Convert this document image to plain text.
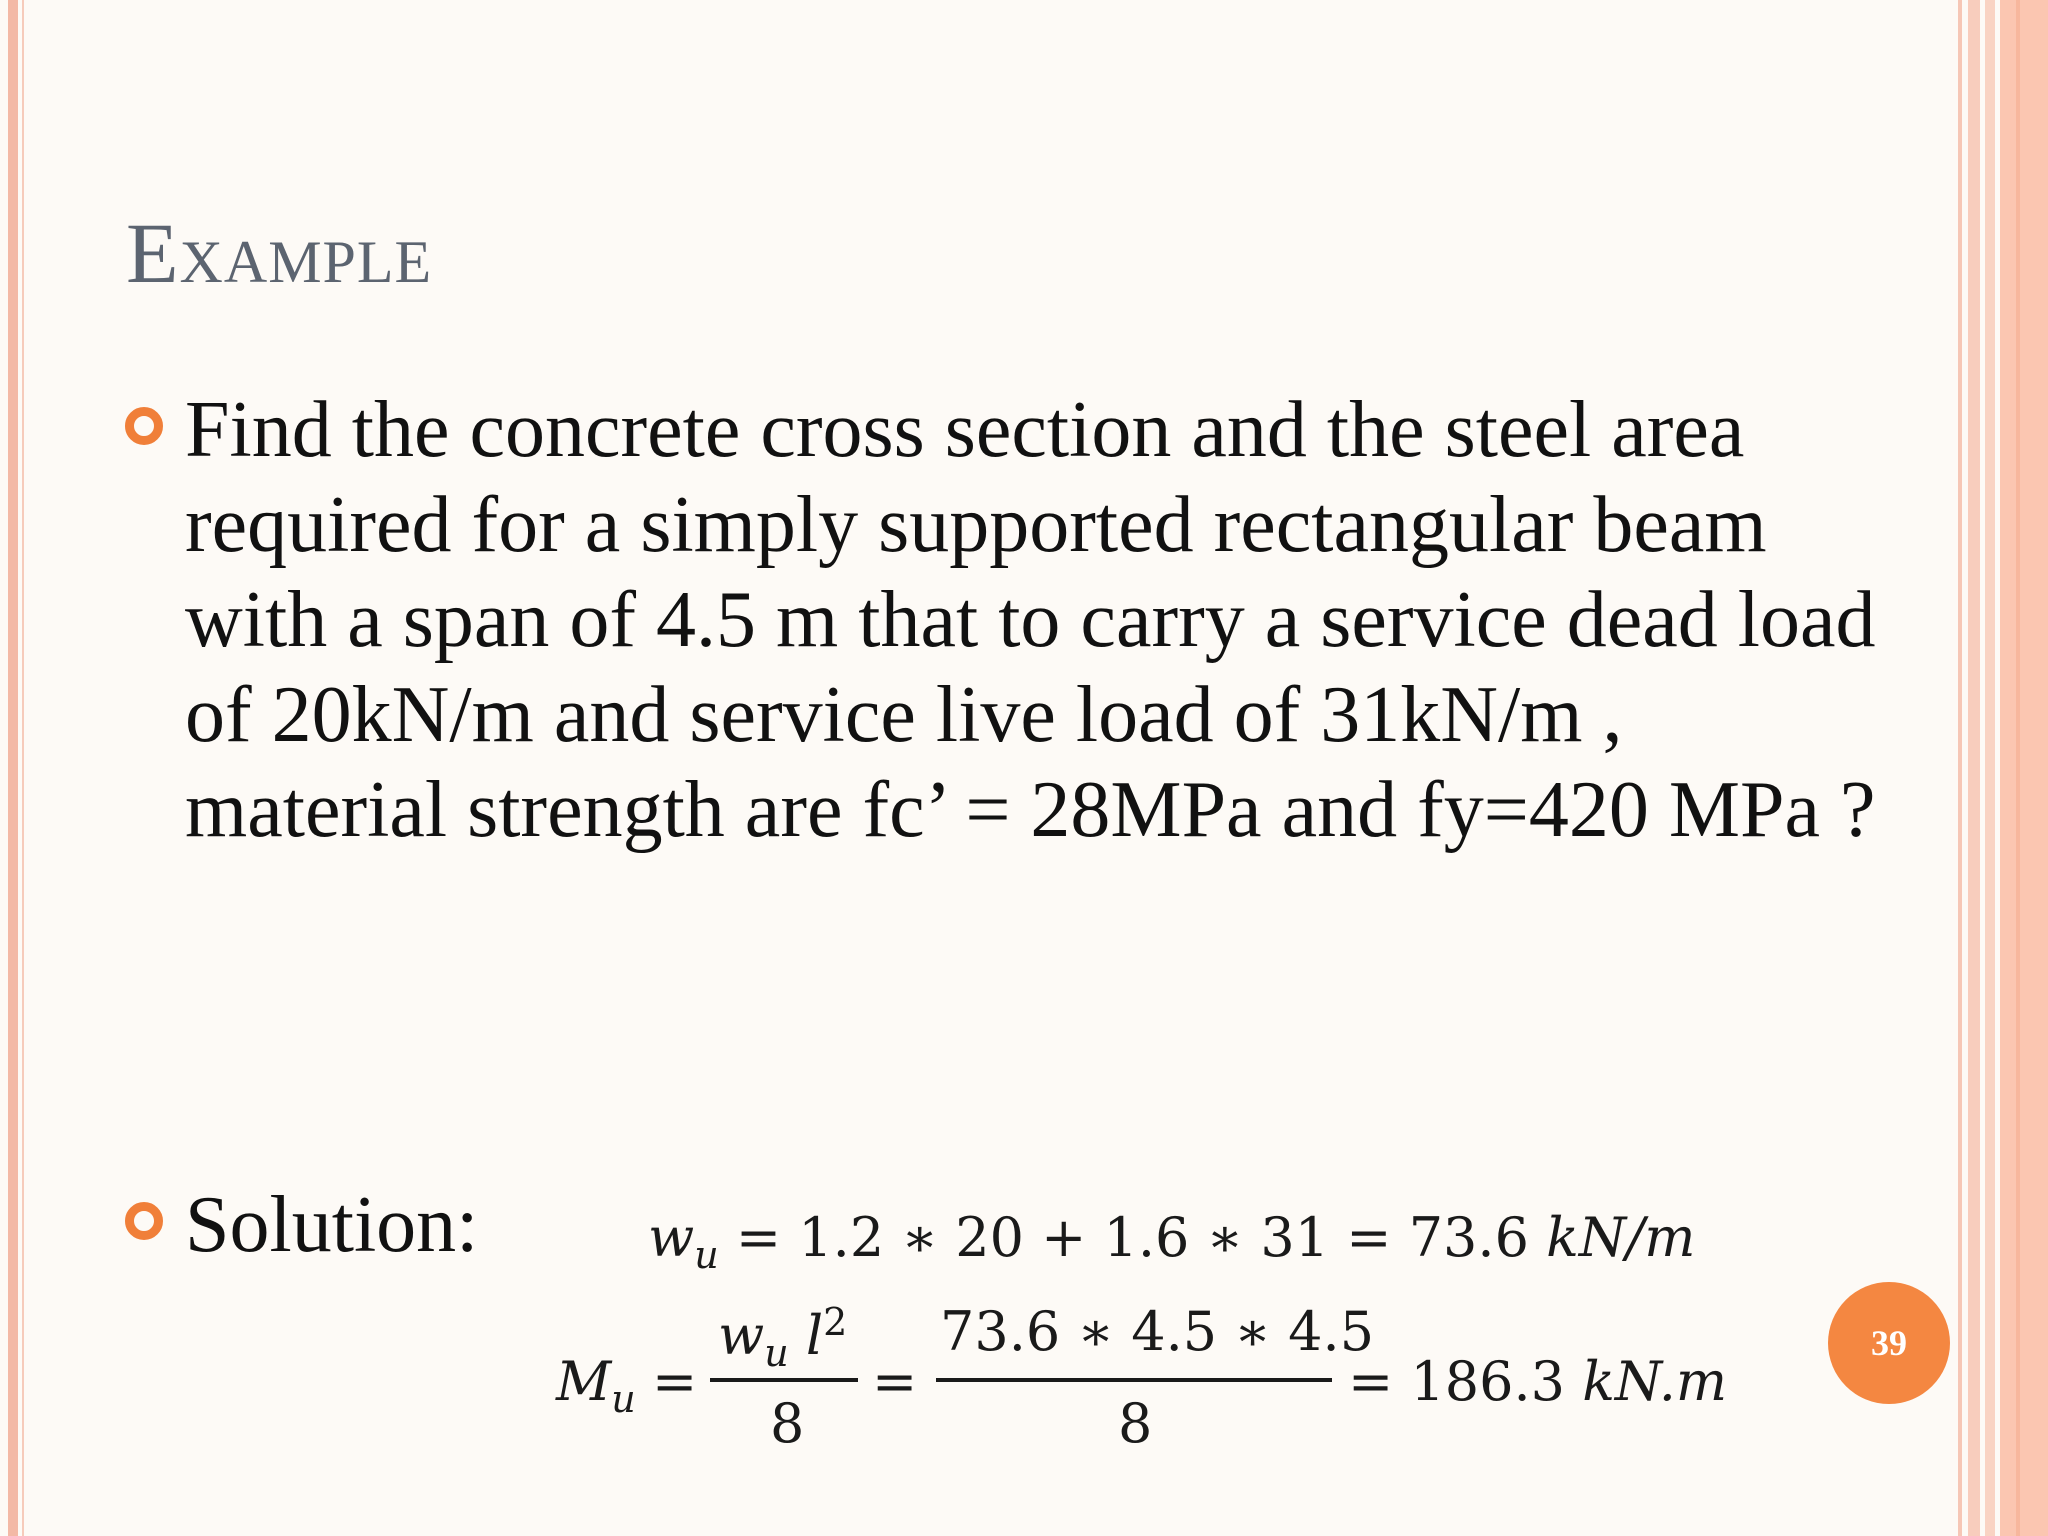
Example
Find the concrete cross section and the steel area required for a simply supported rectangular beam with a span of 4.5 m that to carry a service dead load of 20kN/m and service live load of 31kN/m , material strength are fc’ = 28MPa and fy=420 MPa ?
Solution:	$w_u = 1.2$ ∗ 20 + 1.6 ∗ 31 = 73.6 kN/m
$M_u$ =
$w_u$ $l^2$
8
=
73.6 ∗ 4.5 ∗ 4.5
8
= 186.3 kN.m
39
